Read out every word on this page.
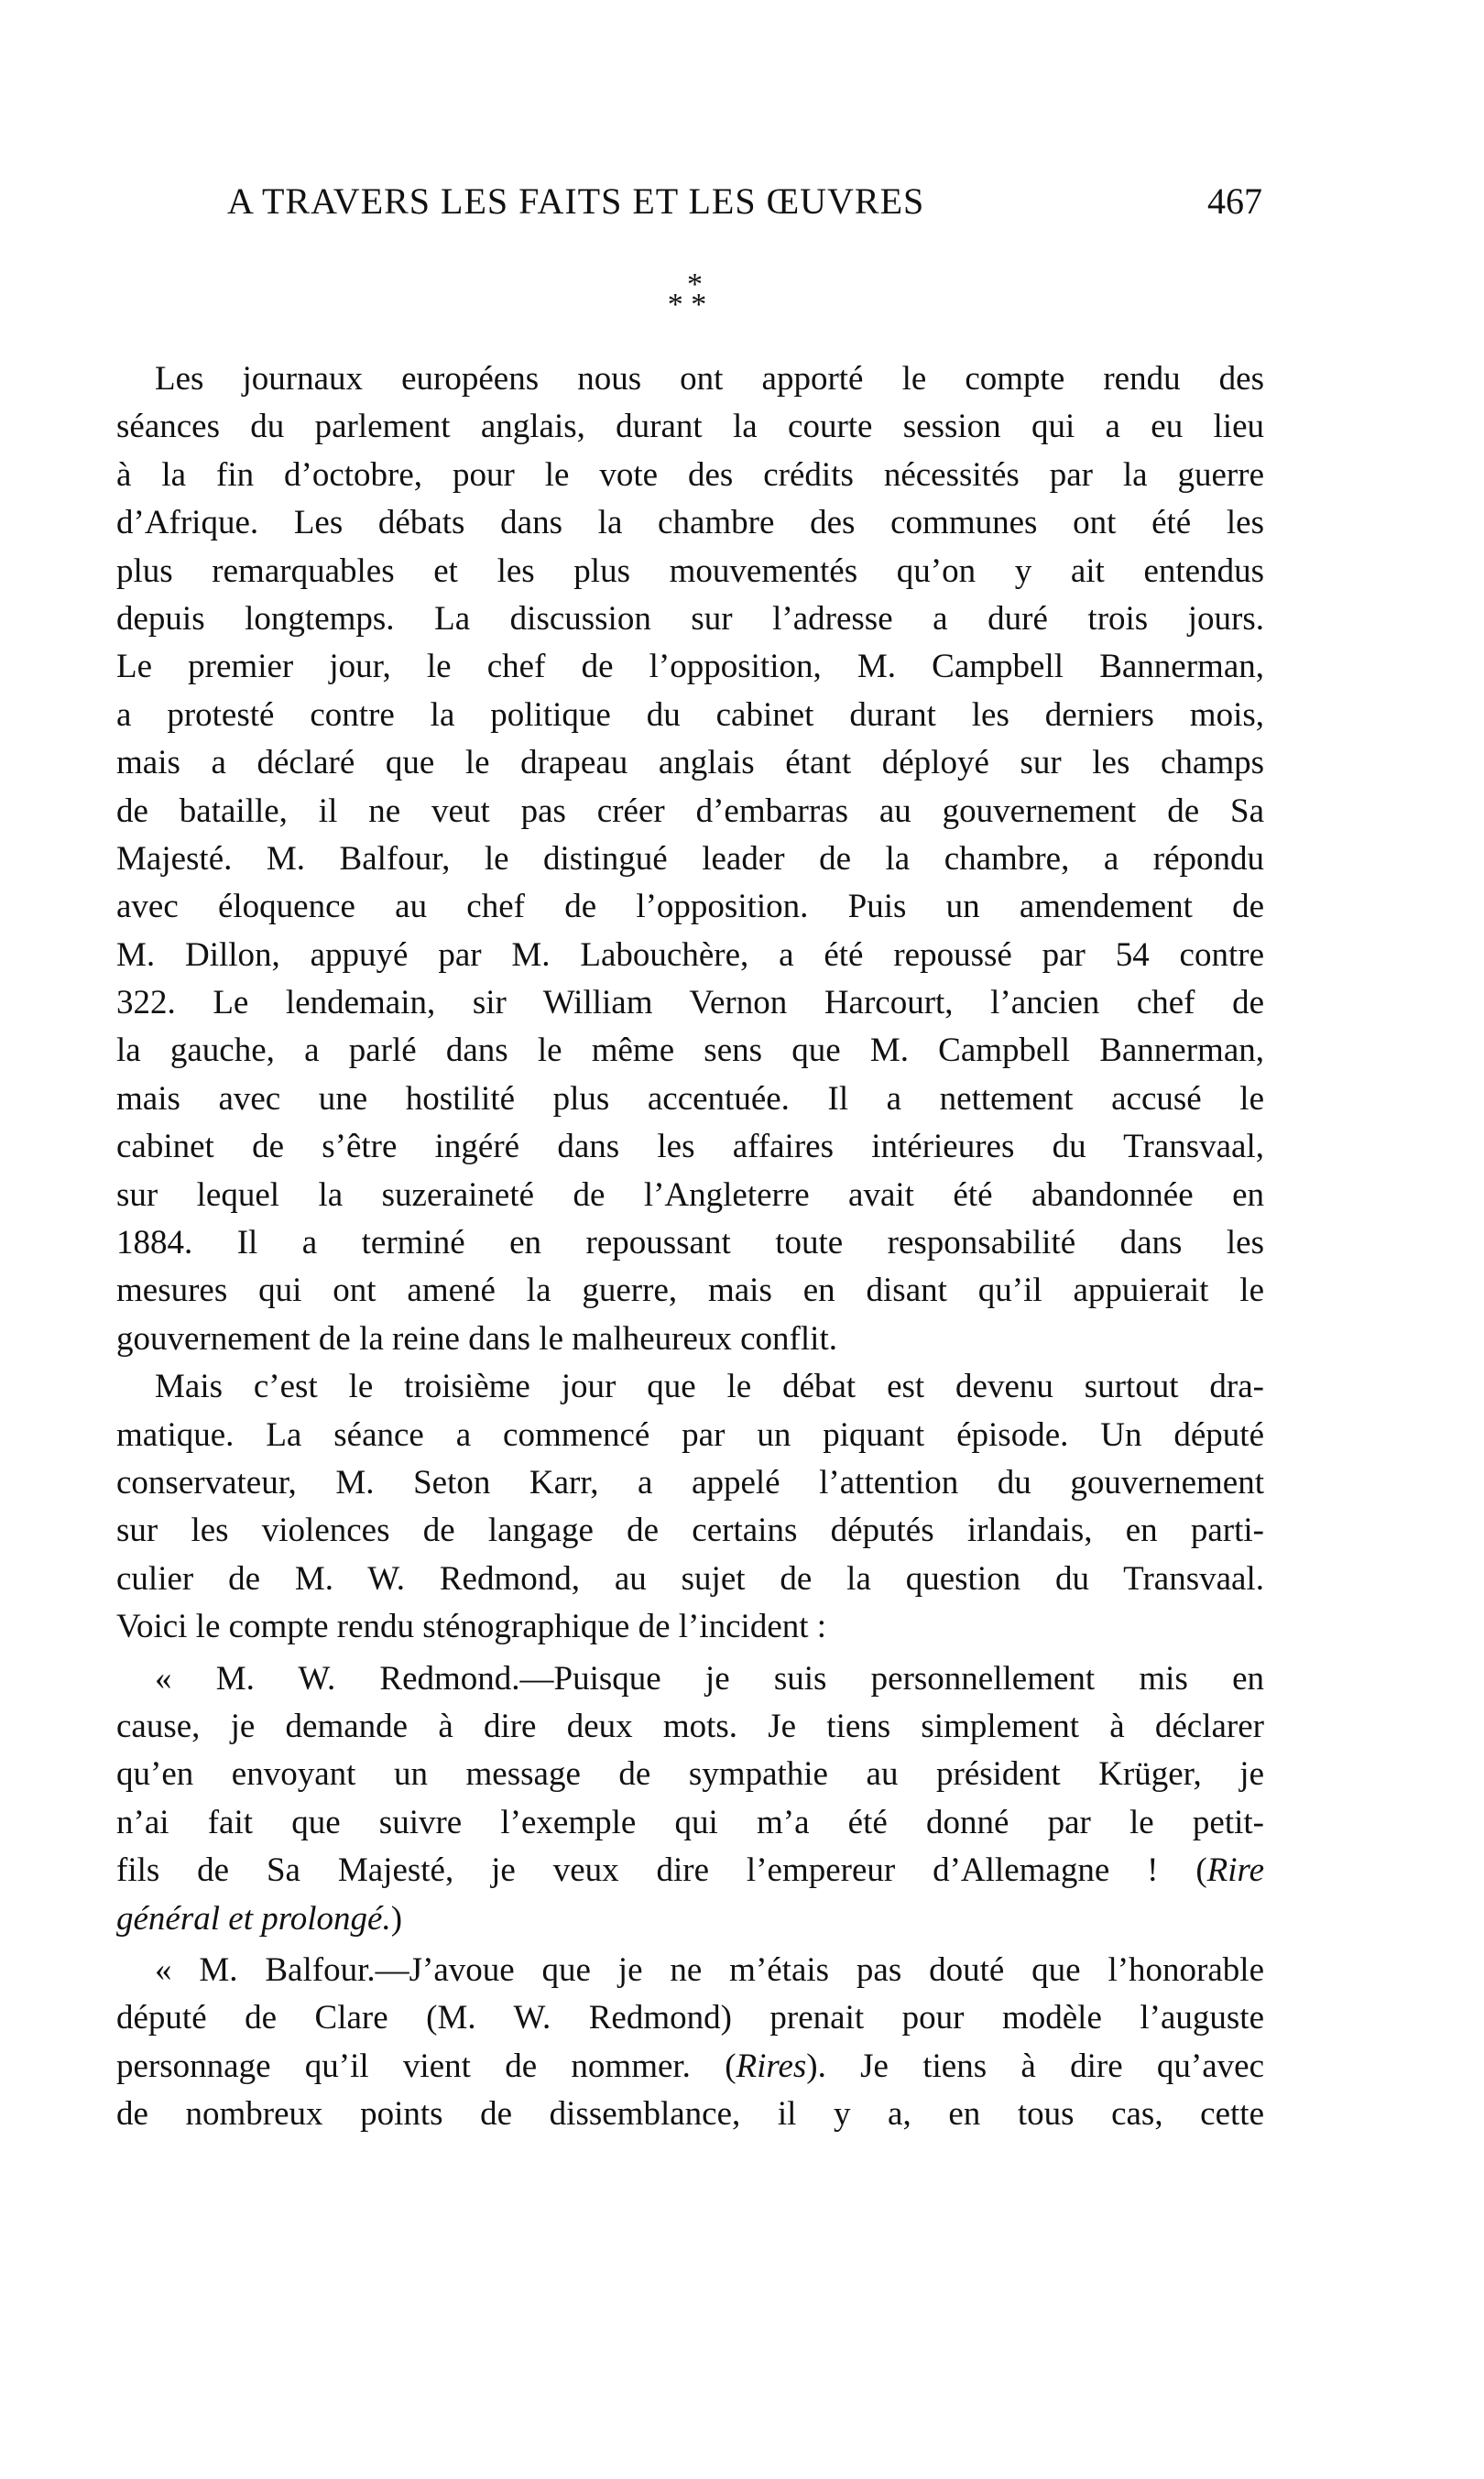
A TRAVERS LES FAITS ET LES ŒUVRES	467
*
* *
Les journaux européens nous ont apporté le compte rendu des
séances du parlement anglais, durant la courte session qui a eu lieu
à la fin d’octobre, pour le vote des crédits nécessités par la guerre
d’Afrique. Les débats dans la chambre des communes ont été les
plus remarquables et les plus mouvementés qu’on y ait entendus
depuis longtemps. La discussion sur l’adresse a duré trois jours.
Le premier jour, le chef de l’opposition, M. Campbell Bannerman,
a protesté contre la politique du cabinet durant les derniers mois,
mais a déclaré que le drapeau anglais étant déployé sur les champs
de bataille, il ne veut pas créer d’embarras au gouvernement de Sa
Majesté. M. Balfour, le distingué leader de la chambre, a répondu
avec éloquence au chef de l’opposition. Puis un amendement de
M. Dillon, appuyé par M. Labouchère, a été repoussé par 54 contre
322. Le lendemain, sir William Vernon Harcourt, l’ancien chef de
la gauche, a parlé dans le même sens que M. Campbell Bannerman,
mais avec une hostilité plus accentuée. Il a nettement accusé le
cabinet de s’être ingéré dans les affaires intérieures du Transvaal,
sur lequel la suzeraineté de l’Angleterre avait été abandonnée en
1884. Il a terminé en repoussant toute responsabilité dans les
mesures qui ont amené la guerre, mais en disant qu’il appuierait le
gouvernement de la reine dans le malheureux conflit.
Mais c’est le troisième jour que le débat est devenu surtout dra-
matique. La séance a commencé par un piquant épisode. Un député
conservateur, M. Seton Karr, a appelé l’attention du gouvernement
sur les violences de langage de certains députés irlandais, en parti-
culier de M. W. Redmond, au sujet de la question du Transvaal.
Voici le compte rendu sténographique de l’incident :
« M. W. Redmond.—Puisque je suis personnellement mis en
cause, je demande à dire deux mots. Je tiens simplement à déclarer
qu’en envoyant un message de sympathie au président Krüger, je
n’ai fait que suivre l’exemple qui m’a été donné par le petit-
fils de Sa Majesté, je veux dire l’empereur d’Allemagne ! (Rire
général et prolongé.)
« M. Balfour.—J’avoue que je ne m’étais pas douté que l’honorable
député de Clare (M. W. Redmond) prenait pour modèle l’auguste
personnage qu’il vient de nommer. (Rires). Je tiens à dire qu’avec
de nombreux points de dissemblance, il y a, en tous cas, cette
